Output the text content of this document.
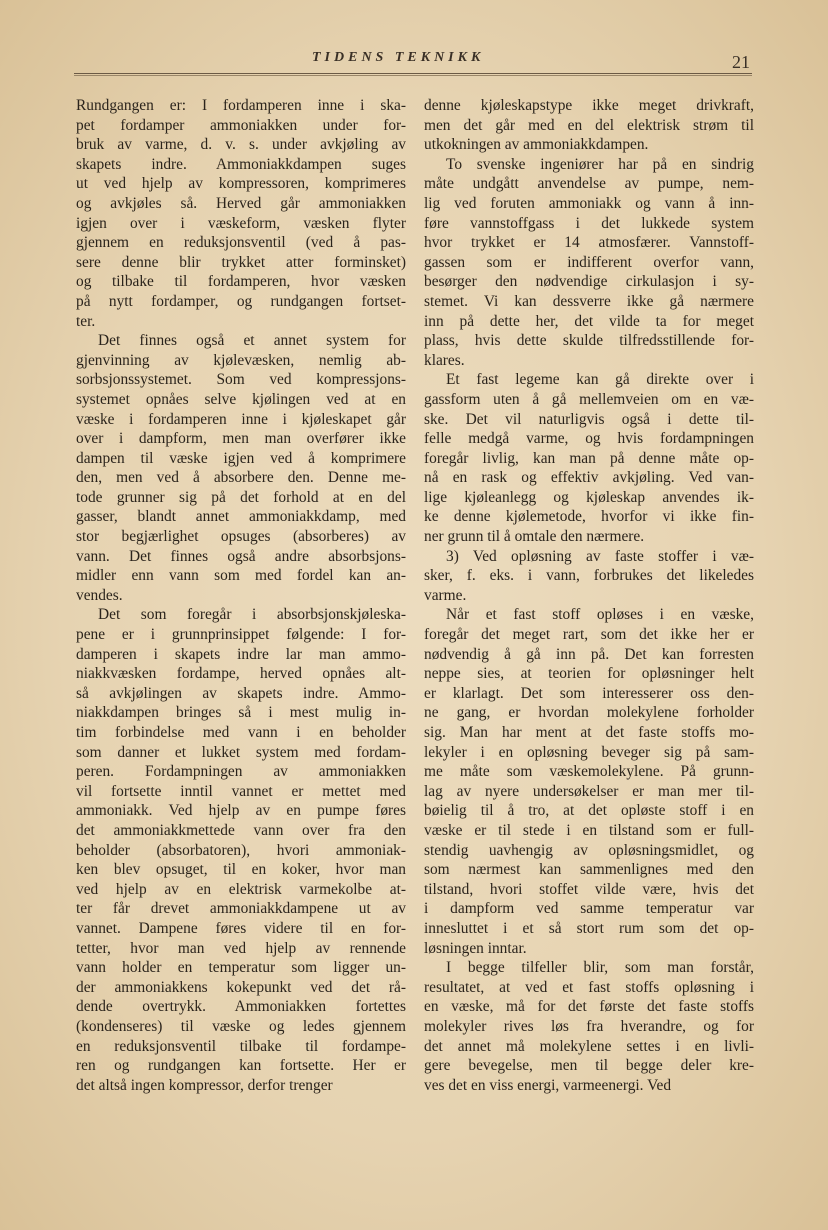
TIDENS TEKNIKK	21
Rundgangen er: I fordamperen inne i ska-
pet fordamper ammoniakken under for-
bruk av varme, d. v. s. under avkjøling av
skapets indre. Ammoniakkdampen suges
ut ved hjelp av kompressoren, komprimeres
og avkjøles så. Herved går ammoniakken
igjen over i væskeform, væsken flyter
gjennem en reduksjonsventil (ved å pas-
sere denne blir trykket atter forminsket)
og tilbake til fordamperen, hvor væsken
på nytt fordamper, og rundgangen fortset-
ter.
Det finnes også et annet system for
gjenvinning av kjølevæsken, nemlig ab-
sorbsjonssystemet. Som ved kompressjons-
systemet opnåes selve kjølingen ved at en
væske i fordamperen inne i kjøleskapet går
over i dampform, men man overfører ikke
dampen til væske igjen ved å komprimere
den, men ved å absorbere den. Denne me-
tode grunner sig på det forhold at en del
gasser, blandt annet ammoniakkdamp, med
stor begjærlighet opsuges (absorberes) av
vann. Det finnes også andre absorbsjons-
midler enn vann som med fordel kan an-
vendes.
Det som foregår i absorbsjonskjøleska-
pene er i grunnprinsippet følgende: I for-
damperen i skapets indre lar man ammo-
niakkvæsken fordampe, herved opnåes alt-
så avkjølingen av skapets indre. Ammo-
niakkdampen bringes så i mest mulig in-
tim forbindelse med vann i en beholder
som danner et lukket system med fordam-
peren. Fordampningen av ammoniakken
vil fortsette inntil vannet er mettet med
ammoniakk. Ved hjelp av en pumpe føres
det ammoniakkmettede vann over fra den
beholder (absorbatoren), hvori ammoniak-
ken blev opsuget, til en koker, hvor man
ved hjelp av en elektrisk varmekolbe at-
ter får drevet ammoniakkdampene ut av
vannet. Dampene føres videre til en for-
tetter, hvor man ved hjelp av rennende
vann holder en temperatur som ligger un-
der ammoniakkens kokepunkt ved det rå-
dende overtrykk. Ammoniakken fortettes
(kondenseres) til væske og ledes gjennem
en reduksjonsventil tilbake til fordampe-
ren og rundgangen kan fortsette. Her er
det altså ingen kompressor, derfor trenger
denne kjøleskapstype ikke meget drivkraft,
men det går med en del elektrisk strøm til
utkokningen av ammoniakkdampen.
To svenske ingeniører har på en sindrig
måte undgått anvendelse av pumpe, nem-
lig ved foruten ammoniakk og vann å inn-
føre vannstoffgass i det lukkede system
hvor trykket er 14 atmosfærer. Vannstoff-
gassen som er indifferent overfor vann,
besørger den nødvendige cirkulasjon i sy-
stemet. Vi kan dessverre ikke gå nærmere
inn på dette her, det vilde ta for meget
plass, hvis dette skulde tilfredsstillende for-
klares.
Et fast legeme kan gå direkte over i
gassform uten å gå mellemveien om en væ-
ske. Det vil naturligvis også i dette til-
felle medgå varme, og hvis fordampningen
foregår livlig, kan man på denne måte op-
nå en rask og effektiv avkjøling. Ved van-
lige kjøleanlegg og kjøleskap anvendes ik-
ke denne kjølemetode, hvorfor vi ikke fin-
ner grunn til å omtale den nærmere.
3) Ved opløsning av faste stoffer i væ-
sker, f. eks. i vann, forbrukes det likeledes
varme.
Når et fast stoff opløses i en væske,
foregår det meget rart, som det ikke her er
nødvendig å gå inn på. Det kan forresten
neppe sies, at teorien for opløsninger helt
er klarlagt. Det som interesserer oss den-
ne gang, er hvordan molekylene forholder
sig. Man har ment at det faste stoffs mo-
lekyler i en opløsning beveger sig på sam-
me måte som væskemolekylene. På grunn-
lag av nyere undersøkelser er man mer til-
bøielig til å tro, at det opløste stoff i en
væske er til stede i en tilstand som er full-
stendig uavhengig av opløsningsmidlet, og
som nærmest kan sammenlignes med den
tilstand, hvori stoffet vilde være, hvis det
i dampform ved samme temperatur var
innesluttet i et så stort rum som det op-
løsningen inntar.
I begge tilfeller blir, som man forstår,
resultatet, at ved et fast stoffs opløsning i
en væske, må for det første det faste stoffs
molekyler rives løs fra hverandre, og for
det annet må molekylene settes i en livli-
gere bevegelse, men til begge deler kre-
ves det en viss energi, varmeenergi. Ved
